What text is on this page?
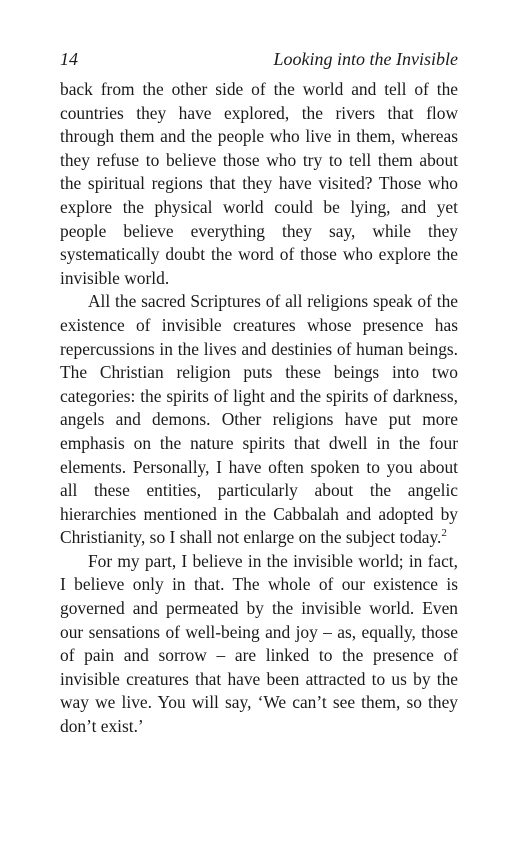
14	Looking into the Invisible

back from the other side of the world and tell of the countries they have explored, the rivers that flow through them and the people who live in them, whereas they refuse to believe those who try to tell them about the spiritual regions that they have visited? Those who explore the physical world could be lying, and yet people believe everything they say, while they systematically doubt the word of those who explore the invisible world.

All the sacred Scriptures of all religions speak of the existence of invisible creatures whose presence has repercussions in the lives and destinies of human beings. The Christian religion puts these beings into two categories: the spirits of light and the spirits of darkness, angels and demons. Other religions have put more emphasis on the nature spirits that dwell in the four elements. Personally, I have often spoken to you about all these entities, particularly about the angelic hierarchies mentioned in the Cabbalah and adopted by Christianity, so I shall not enlarge on the subject today.$^2$

For my part, I believe in the invisible world; in fact, I believe only in that. The whole of our existence is governed and permeated by the invisible world. Even our sensations of well-being and joy – as, equally, those of pain and sorrow – are linked to the presence of invisible creatures that have been attracted to us by the way we live. You will say, ‘We can’t see them, so they don’t exist.’
